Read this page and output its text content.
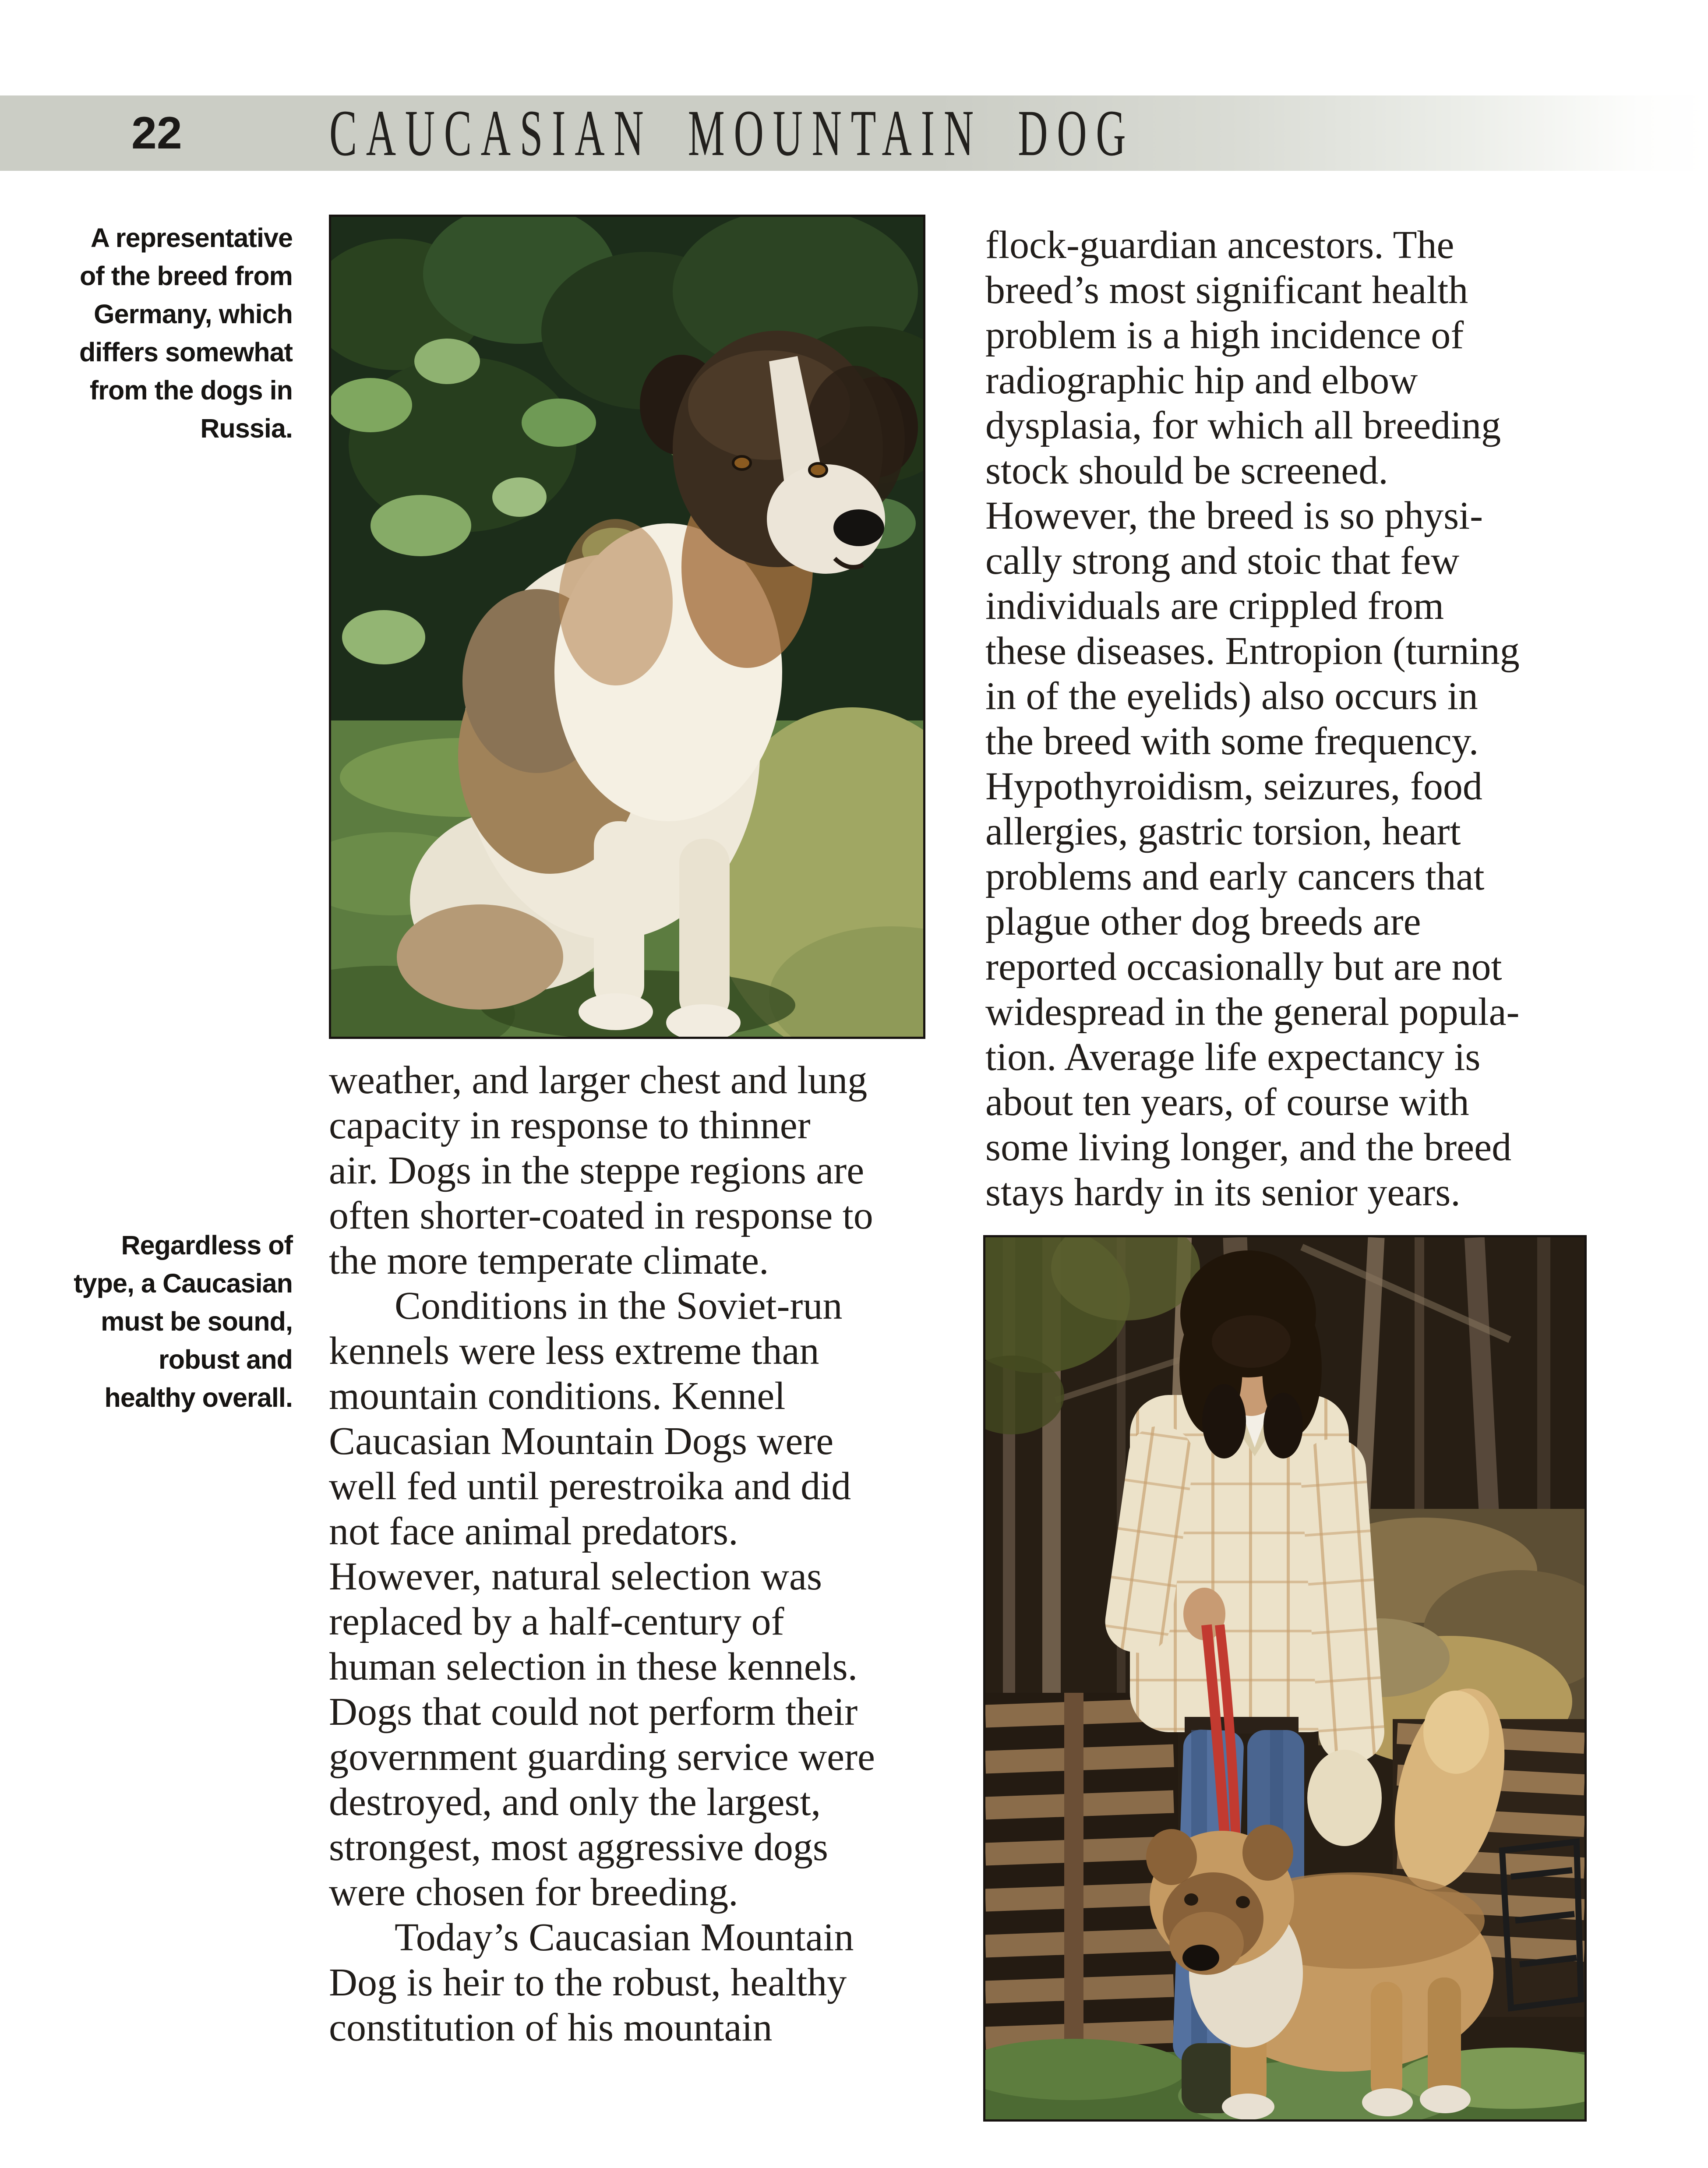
22 CAUCASIAN MOUNTAIN DOG
A representative
of the breed from
Germany, which
differs somewhat
from the dogs in
Russia.
Regardless of
type, a Caucasian
must be sound,
robust and
healthy overall.
weather, and larger chest and lung
capacity in response to thinner
air. Dogs in the steppe regions are
often shorter-coated in response to
the more temperate climate.
Conditions in the Soviet-run
kennels were less extreme than
mountain conditions. Kennel
Caucasian Mountain Dogs were
well fed until perestroika and did
not face animal predators.
However, natural selection was
replaced by a half-century of
human selection in these kennels.
Dogs that could not perform their
government guarding service were
destroyed, and only the largest,
strongest, most aggressive dogs
were chosen for breeding.
Today’s Caucasian Mountain
Dog is heir to the robust, healthy
constitution of his mountain
flock-guardian ancestors. The
breed’s most significant health
problem is a high incidence of
radiographic hip and elbow
dysplasia, for which all breeding
stock should be screened.
However, the breed is so physi-
cally strong and stoic that few
individuals are crippled from
these diseases. Entropion (turning
in of the eyelids) also occurs in
the breed with some frequency.
Hypothyroidism, seizures, food
allergies, gastric torsion, heart
problems and early cancers that
plague other dog breeds are
reported occasionally but are not
widespread in the general popula-
tion. Average life expectancy is
about ten years, of course with
some living longer, and the breed
stays hardy in its senior years.
